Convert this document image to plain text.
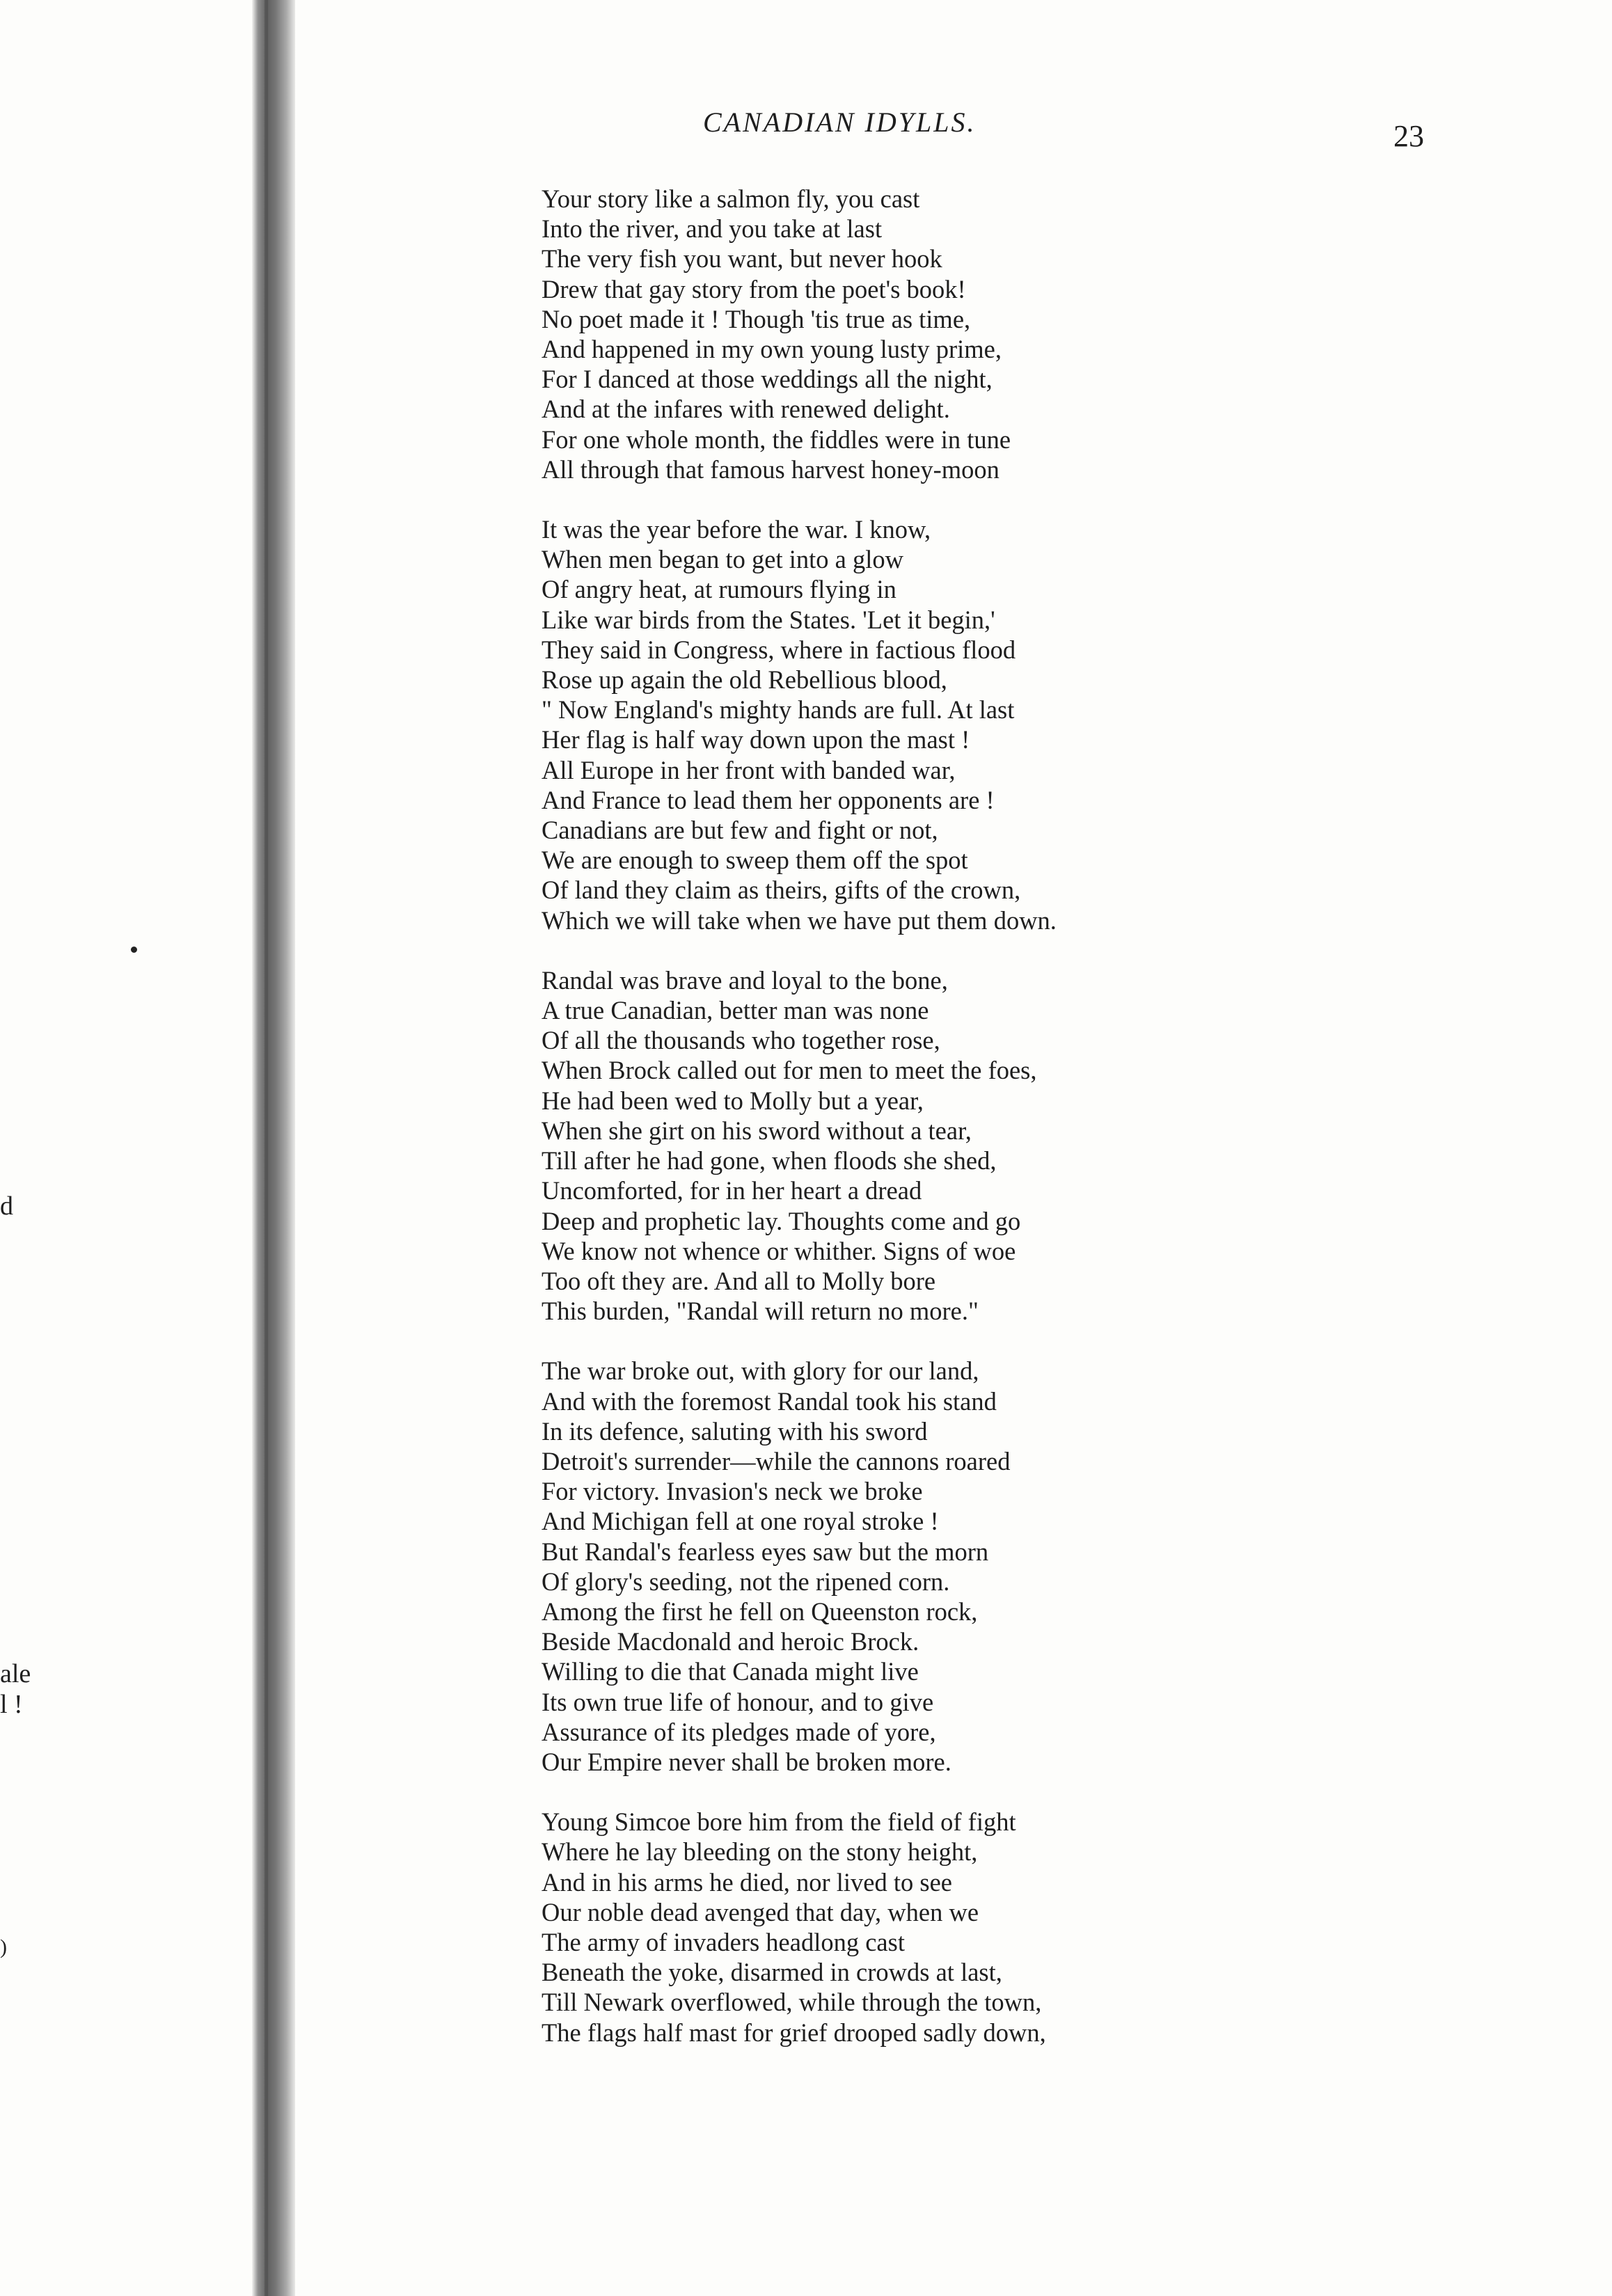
d
ale
l !
)
CANADIAN IDYLLS.	23
Your story like a salmon fly, you cast
Into the river, and you take at last
The very fish you want, but never hook
Drew that gay story from the poet's book!
No poet made it ! Though 'tis true as time,
And happened in my own young lusty prime,
For I danced at those weddings all the night,
And at the infares with renewed delight.
For one whole month, the fiddles were in tune
All through that famous harvest honey-moon
It was the year before the war. I know,
When men began to get into a glow
Of angry heat, at rumours flying in
Like war birds from the States. 'Let it begin,'
They said in Congress, where in factious flood
Rose up again the old Rebellious blood,
" Now England's mighty hands are full. At last
Her flag is half way down upon the mast !
All Europe in her front with banded war,
And France to lead them her opponents are !
Canadians are but few and fight or not,
We are enough to sweep them off the spot
Of land they claim as theirs, gifts of the crown,
Which we will take when we have put them down.
Randal was brave and loyal to the bone,
A true Canadian, better man was none
Of all the thousands who together rose,
When Brock called out for men to meet the foes,
He had been wed to Molly but a year,
When she girt on his sword without a tear,
Till after he had gone, when floods she shed,
Uncomforted, for in her heart a dread
Deep and prophetic lay. Thoughts come and go
We know not whence or whither. Signs of woe
Too oft they are. And all to Molly bore
This burden, "Randal will return no more."
The war broke out, with glory for our land,
And with the foremost Randal took his stand
In its defence, saluting with his sword
Detroit's surrender—while the cannons roared
For victory. Invasion's neck we broke
And Michigan fell at one royal stroke !
But Randal's fearless eyes saw but the morn
Of glory's seeding, not the ripened corn.
Among the first he fell on Queenston rock,
Beside Macdonald and heroic Brock.
Willing to die that Canada might live
Its own true life of honour, and to give
Assurance of its pledges made of yore,
Our Empire never shall be broken more.
Young Simcoe bore him from the field of fight
Where he lay bleeding on the stony height,
And in his arms he died, nor lived to see
Our noble dead avenged that day, when we
The army of invaders headlong cast
Beneath the yoke, disarmed in crowds at last,
Till Newark overflowed, while through the town,
The flags half mast for grief drooped sadly down,
